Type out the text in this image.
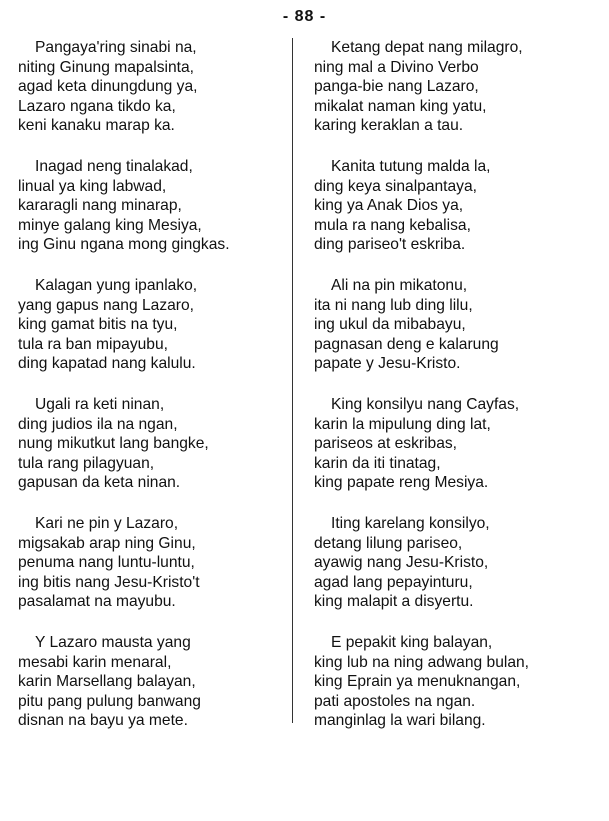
- 88 -
Pangaya'ring sinabi na,
niting Ginung mapalsinta,
agad keta dinungdung ya,
Lazaro ngana tikdo ka,
keni kanaku marap ka.
Inagad neng tinalakad,
linual ya king labwad,
kararagli nang minarap,
minye galang king Mesiya,
ing Ginu ngana mong gingkas.
Kalagan yung ipanlako,
yang gapus nang Lazaro,
king gamat bitis na tyu,
tula ra ban mipayubu,
ding kapatad nang kalulu.
Ugali ra keti ninan,
ding judios ila na ngan,
nung mikutkut lang bangke,
tula rang pilagyuan,
gapusan da keta ninan.
Kari ne pin y Lazaro,
migsakab arap ning Ginu,
penuma nang luntu-luntu,
ing bitis nang Jesu-Kristo't
pasalamat na mayubu.
Y Lazaro mausta yang
mesabi karin menaral,
karin Marsellang balayan,
pitu pang pulung banwang
disnan na bayu ya mete.
Ketang depat nang milagro,
ning mal a Divino Verbo
panga-bie nang Lazaro,
mikalat naman king yatu,
karing keraklan a tau.
Kanita tutung malda la,
ding keya sinalpantaya,
king ya Anak Dios ya,
mula ra nang kebalisa,
ding pariseo't eskriba.
Ali na pin mikatonu,
ita ni nang lub ding lilu,
ing ukul da mibabayu,
pagnasan deng e kalarung
papate y Jesu-Kristo.
King konsilyu nang Cayfas,
karin la mipulung ding lat,
pariseos at eskribas,
karin da iti tinatag,
king papate reng Mesiya.
Iting karelang konsilyo,
detang lilung pariseo,
ayawig nang Jesu-Kristo,
agad lang pepayinturu,
king malapit a disyertu.
E pepakit king balayan,
king lub na ning adwang bulan,
king Eprain ya menuknangan,
pati apostoles na ngan.
manginlag la wari bilang.
